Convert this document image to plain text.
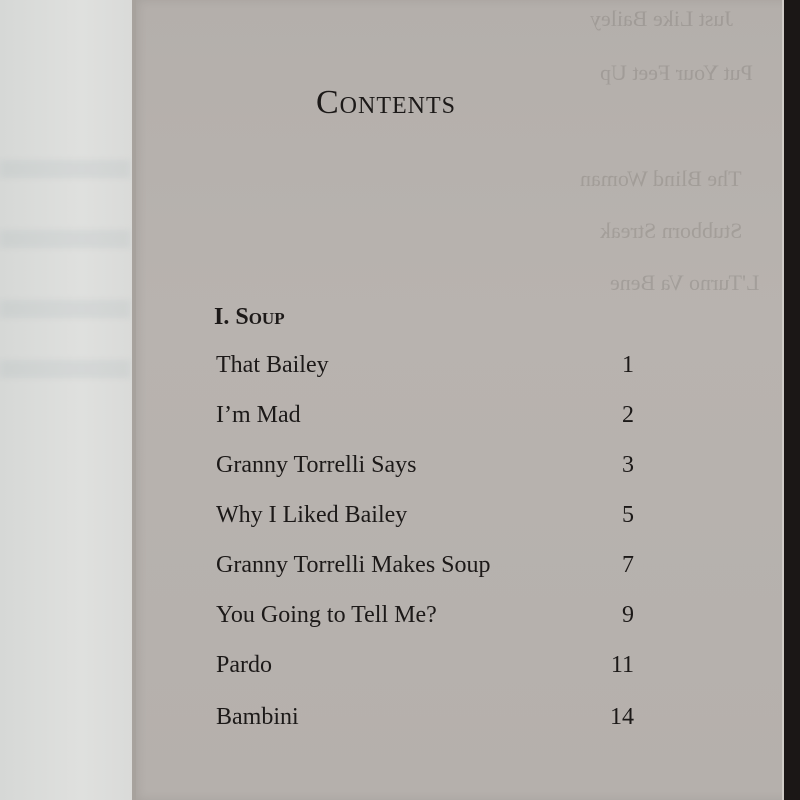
Just Like Bailey
Put Your Feet Up
The Blind Woman
Stubborn Streak
L'Turno Va Bene
Contents
I. Soup
That Bailey	1
I’m Mad	2
Granny Torrelli Says	3
Why I Liked Bailey	5
Granny Torrelli Makes Soup	7
You Going to Tell Me?	9
Pardo	11
Bambini	14
